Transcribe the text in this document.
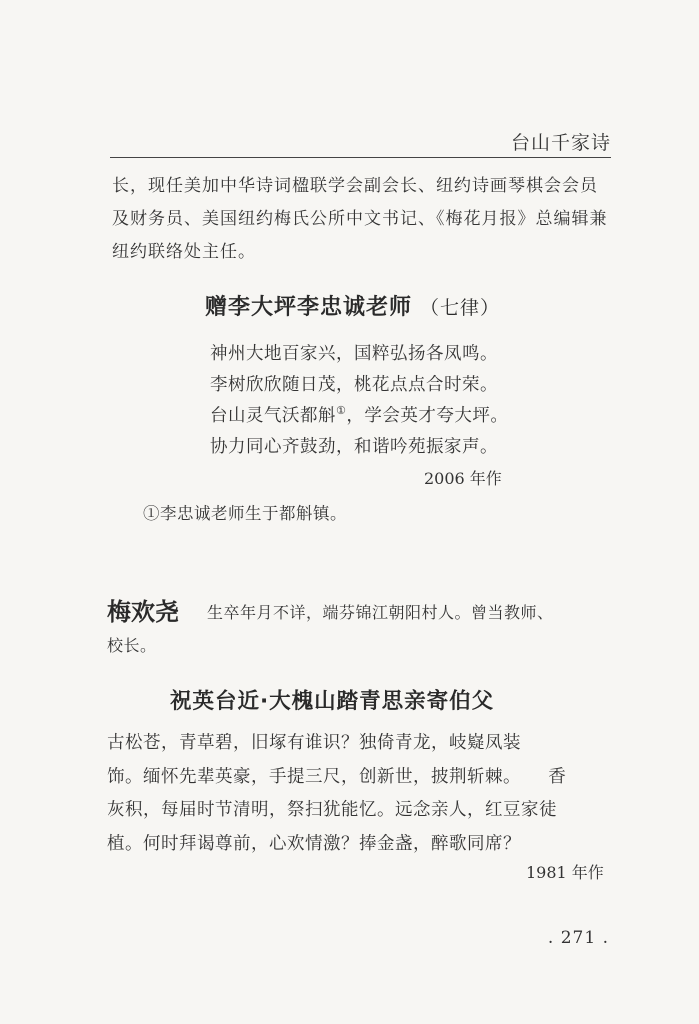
台山千家诗
长，现任美加中华诗词楹联学会副会长、纽约诗画琴棋会会员及财务员、美国纽约梅氏公所中文书记、《梅花月报》总编辑兼纽约联络处主任。
赠李大坪李忠诚老师 （七律）
神州大地百家兴，国粹弘扬各凤鸣。
李树欣欣随日茂，桃花点点合时荣。
台山灵气沃都斛①，学会英才夸大坪。
协力同心齐鼓劲，和谐吟苑振家声。
2006 年作
①李忠诚老师生于都斛镇。
梅欢尧 生卒年月不详，端芬锦江朝阳村人。曾当教师、
校长。
祝英台近·大槐山踏青思亲寄伯父

古松苍，青草碧，旧塚有谁识？独倚青龙，岐嶷凤装

饰。缅怀先辈英豪，手提三尺，创新世，披荆斩棘。　　香

灰积，每届时节清明，祭扫犹能忆。远念亲人，红豆家徒

植。何时拜谒尊前，心欢情激？捧金盏，醉歌同席？

1981 年作
. 271 .
